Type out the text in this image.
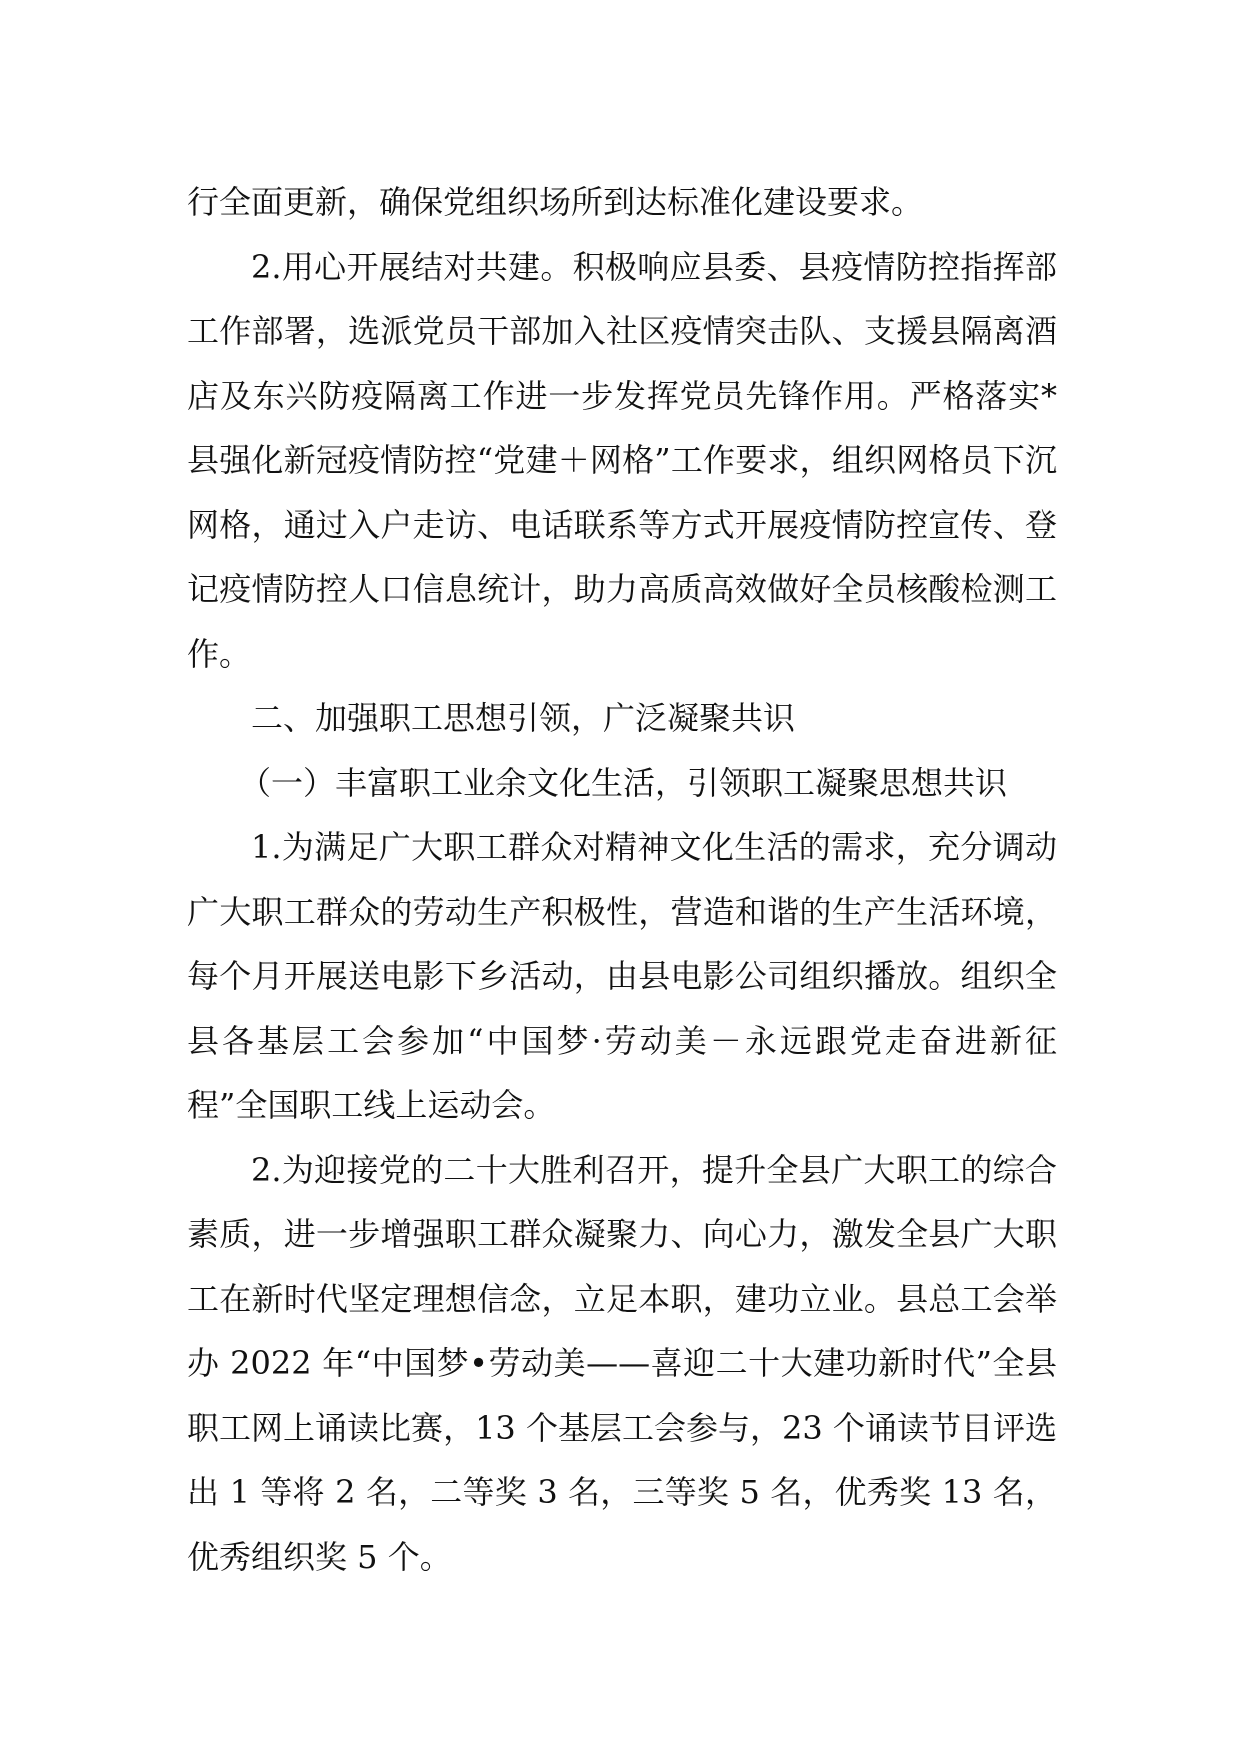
行全面更新，确保党组织场所到达标准化建设要求。

2.用心开展结对共建。积极响应县委、县疫情防控指挥部工作部署，选派党员干部加入社区疫情突击队、支援县隔离酒店及东兴防疫隔离工作进一步发挥党员先锋作用。严格落实*县强化新冠疫情防控“党建＋网格”工作要求，组织网格员下沉网格，通过入户走访、电话联系等方式开展疫情防控宣传、登记疫情防控人口信息统计，助力高质高效做好全员核酸检测工作。

二、加强职工思想引领，广泛凝聚共识

（一）丰富职工业余文化生活，引领职工凝聚思想共识

1.为满足广大职工群众对精神文化生活的需求，充分调动广大职工群众的劳动生产积极性，营造和谐的生产生活环境，每个月开展送电影下乡活动，由县电影公司组织播放。组织全县各基层工会参加“中国梦·劳动美－永远跟党走奋进新征程”全国职工线上运动会。

2.为迎接党的二十大胜利召开，提升全县广大职工的综合素质，进一步增强职工群众凝聚力、向心力，激发全县广大职工在新时代坚定理想信念，立足本职，建功立业。县总工会举办 2022 年“中国梦•劳动美——喜迎二十大建功新时代”全县职工网上诵读比赛，13 个基层工会参与，23 个诵读节目评选出 1 等将 2 名，二等奖 3 名，三等奖 5 名，优秀奖 13 名，优秀组织奖 5 个。
